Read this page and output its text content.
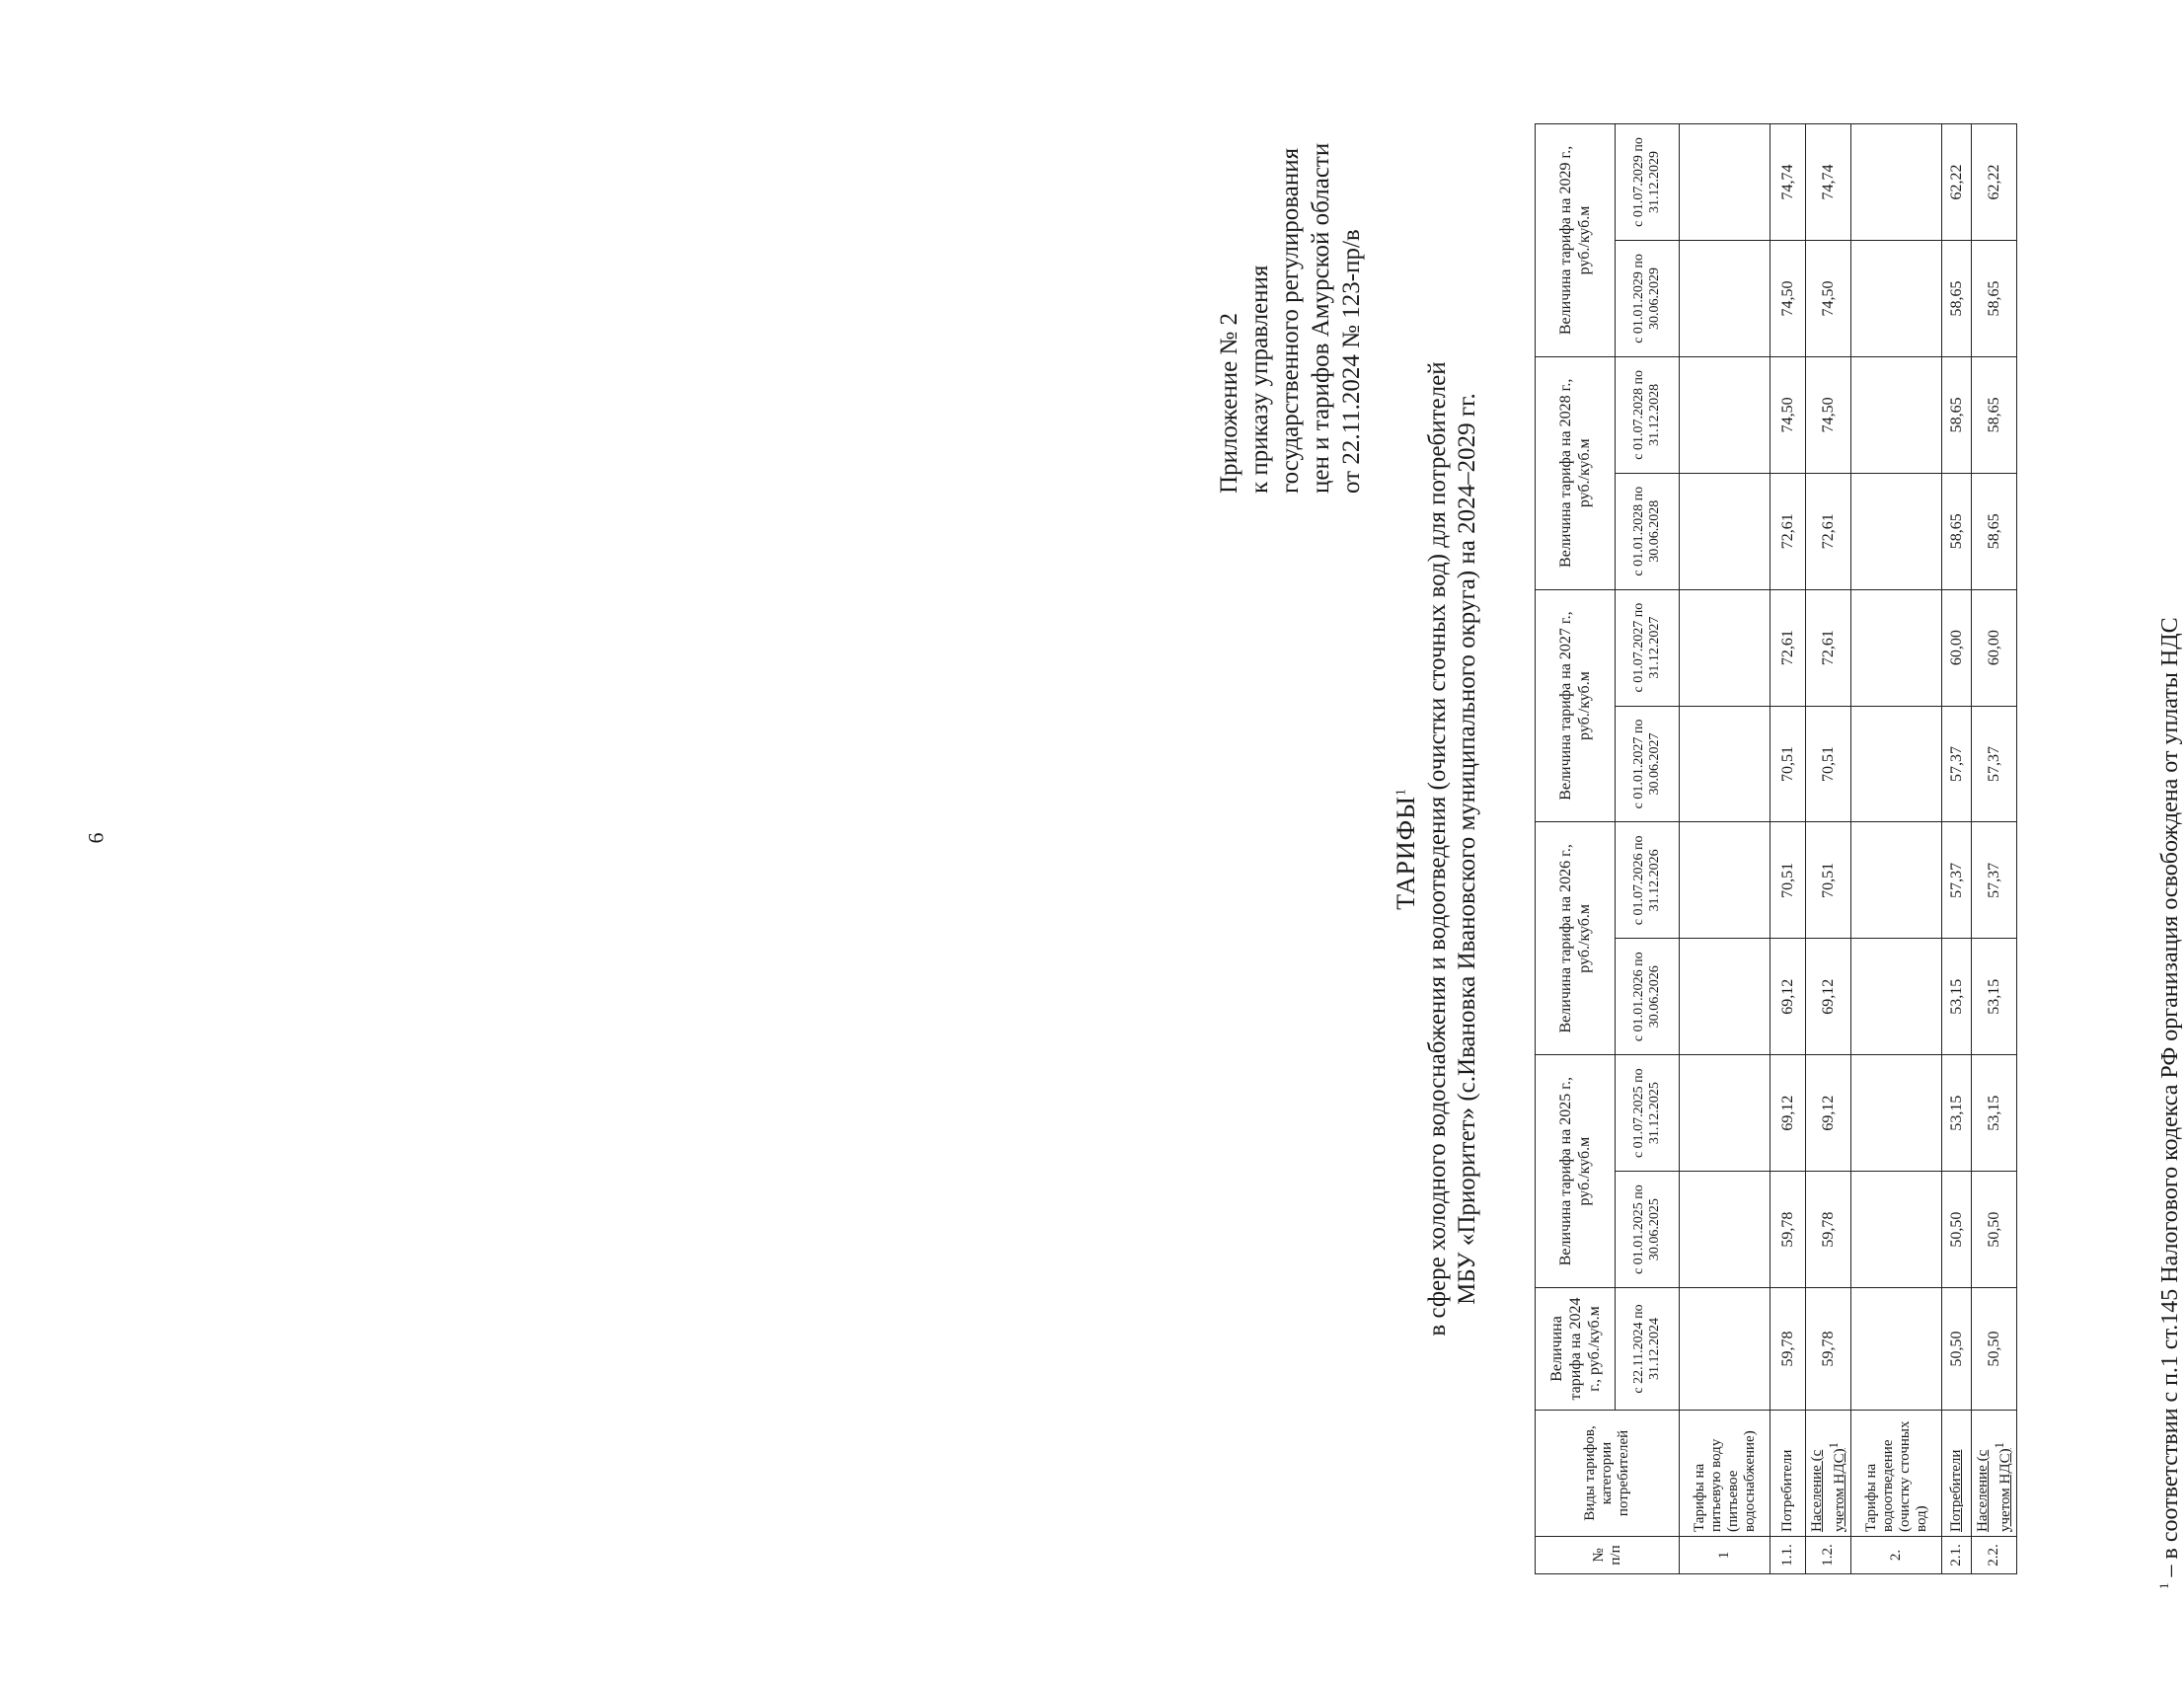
6
Приложение № 2 к приказу управления государственного регулирования цен и тарифов Амурской области от 22.11.2024 № 123-пр/в
ТАРИФЫ$^1$ в сфере холодного водоснабжения и водоотведения (очистки сточных вод) для потребителей МБУ «Приоритет» (с.Ивановка Ивановского муниципального округа) на 2024–2029 гг.
№ п/п	Виды тарифов, категории потребителей	Величина тарифа на 2024 г., руб./куб.м	Величина тарифа на 2025 г., руб./куб.м		Величина тарифа на 2026 г., руб./куб.м		Величина тарифа на 2027 г., руб./куб.м		Величина тарифа на 2028 г., руб./куб.м		Величина тарифа на 2029 г., руб./куб.м	
		с 22.11.2024 по 31.12.2024	с 01.01.2025 по 30.06.2025	с 01.07.2025 по 31.12.2025	с 01.01.2026 по 30.06.2026	с 01.07.2026 по 31.12.2026	с 01.01.2027 по 30.06.2027	с 01.07.2027 по 31.12.2027	с 01.01.2028 по 30.06.2028	с 01.07.2028 по 31.12.2028	с 01.01.2029 по 30.06.2029	с 01.07.2029 по 31.12.2029
1	Тарифы на питьевую воду (питьевое водоснабжение)											
1.1.	Потребители	59,78	59,78	69,12	69,12	70,51	70,51	72,61	72,61	74,50	74,50	74,74
1.2.	Население (с учетом НДС)$^1$	59,78	59,78	69,12	69,12	70,51	70,51	72,61	72,61	74,50	74,50	74,74
2.	Тарифы на водоотведение (очистку сточных вод)											
2.1.	Потребители	50,50	50,50	53,15	53,15	57,37	57,37	60,00	58,65	58,65	58,65	62,22
2.2.	Население (с учетом НДС)$^1$	50,50	50,50	53,15	53,15	57,37	57,37	60,00	58,65	58,65	58,65	62,22
$^1$ – в соответствии с п.1 ст.145 Налогового кодекса РФ организация освобождена от уплаты НДС
